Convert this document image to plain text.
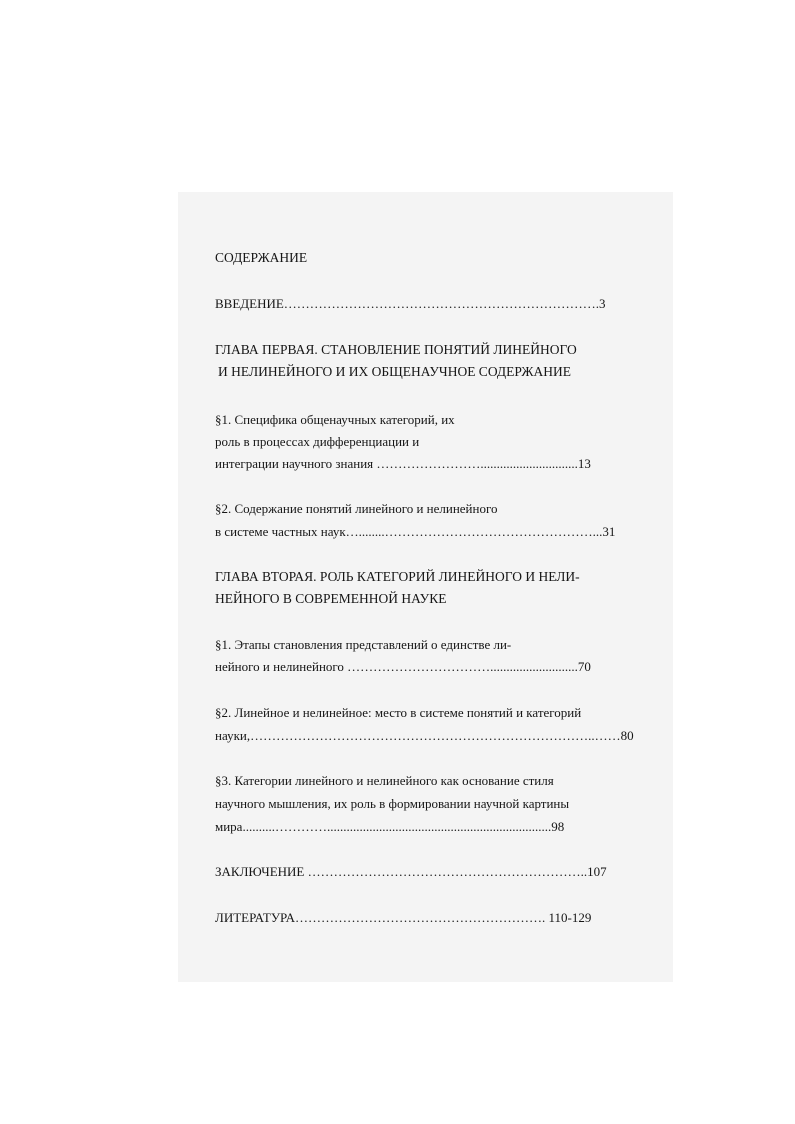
СОДЕРЖАНИЕ
ВВЕДЕНИЕ……………………………………………………………….3
ГЛАВА ПЕРВАЯ. СТАНОВЛЕНИЕ ПОНЯТИЙ ЛИНЕЙНОГО
И НЕЛИНЕЙНОГО И ИХ ОБЩЕНАУЧНОЕ СОДЕРЖАНИЕ
§1. Специфика общенаучных категорий, их
роль в процессах дифференциации и
интеграции научного знания ……………………..............................13
§2. Содержание понятий линейного и нелинейного
в системе частных наук…........…………………………………………...31
ГЛАВА ВТОРАЯ. РОЛЬ КАТЕГОРИЙ ЛИНЕЙНОГО И НЕЛИ-
НЕЙНОГО В СОВРЕМЕННОЙ НАУКЕ
§1. Этапы становления представлений о единстве ли-
нейного и нелинейного ……………………………...........................70
§2. Линейное и нелинейное: место в системе понятий и категорий
науки,……………………………………………………………………..……80
§3. Категории линейного и нелинейного как основание стиля
научного мышления, их роль в формировании научной картины
мира..........………….....................................................................98
ЗАКЛЮЧЕНИЕ ………………………………………………………..107
ЛИТЕРАТУРА…………………………………………………. 110-129
